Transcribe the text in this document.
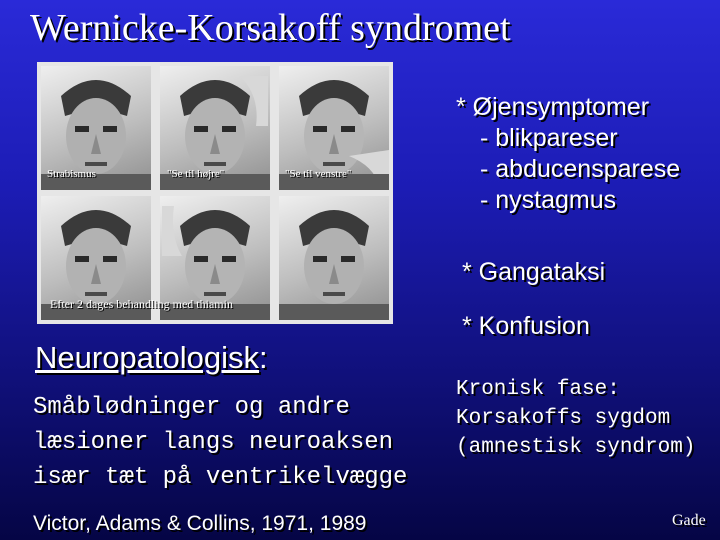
Wernicke-Korsakoff syndromet
Strabismus	"Se til højre"	"Se til venstre"
Efter 2 dages behandling med thiamin
* Øjensymptomer
- blikpareser
- abducensparese
- nystagmus
* Gangataksi
* Konfusion
Neuropatologisk:
Småblødninger og andre
læsioner langs neuroaksen
især tæt på ventrikelvægge
Kronisk fase:
Korsakoffs sygdom
(amnestisk syndrom)
Victor, Adams & Collins, 1971, 1989	Gade
